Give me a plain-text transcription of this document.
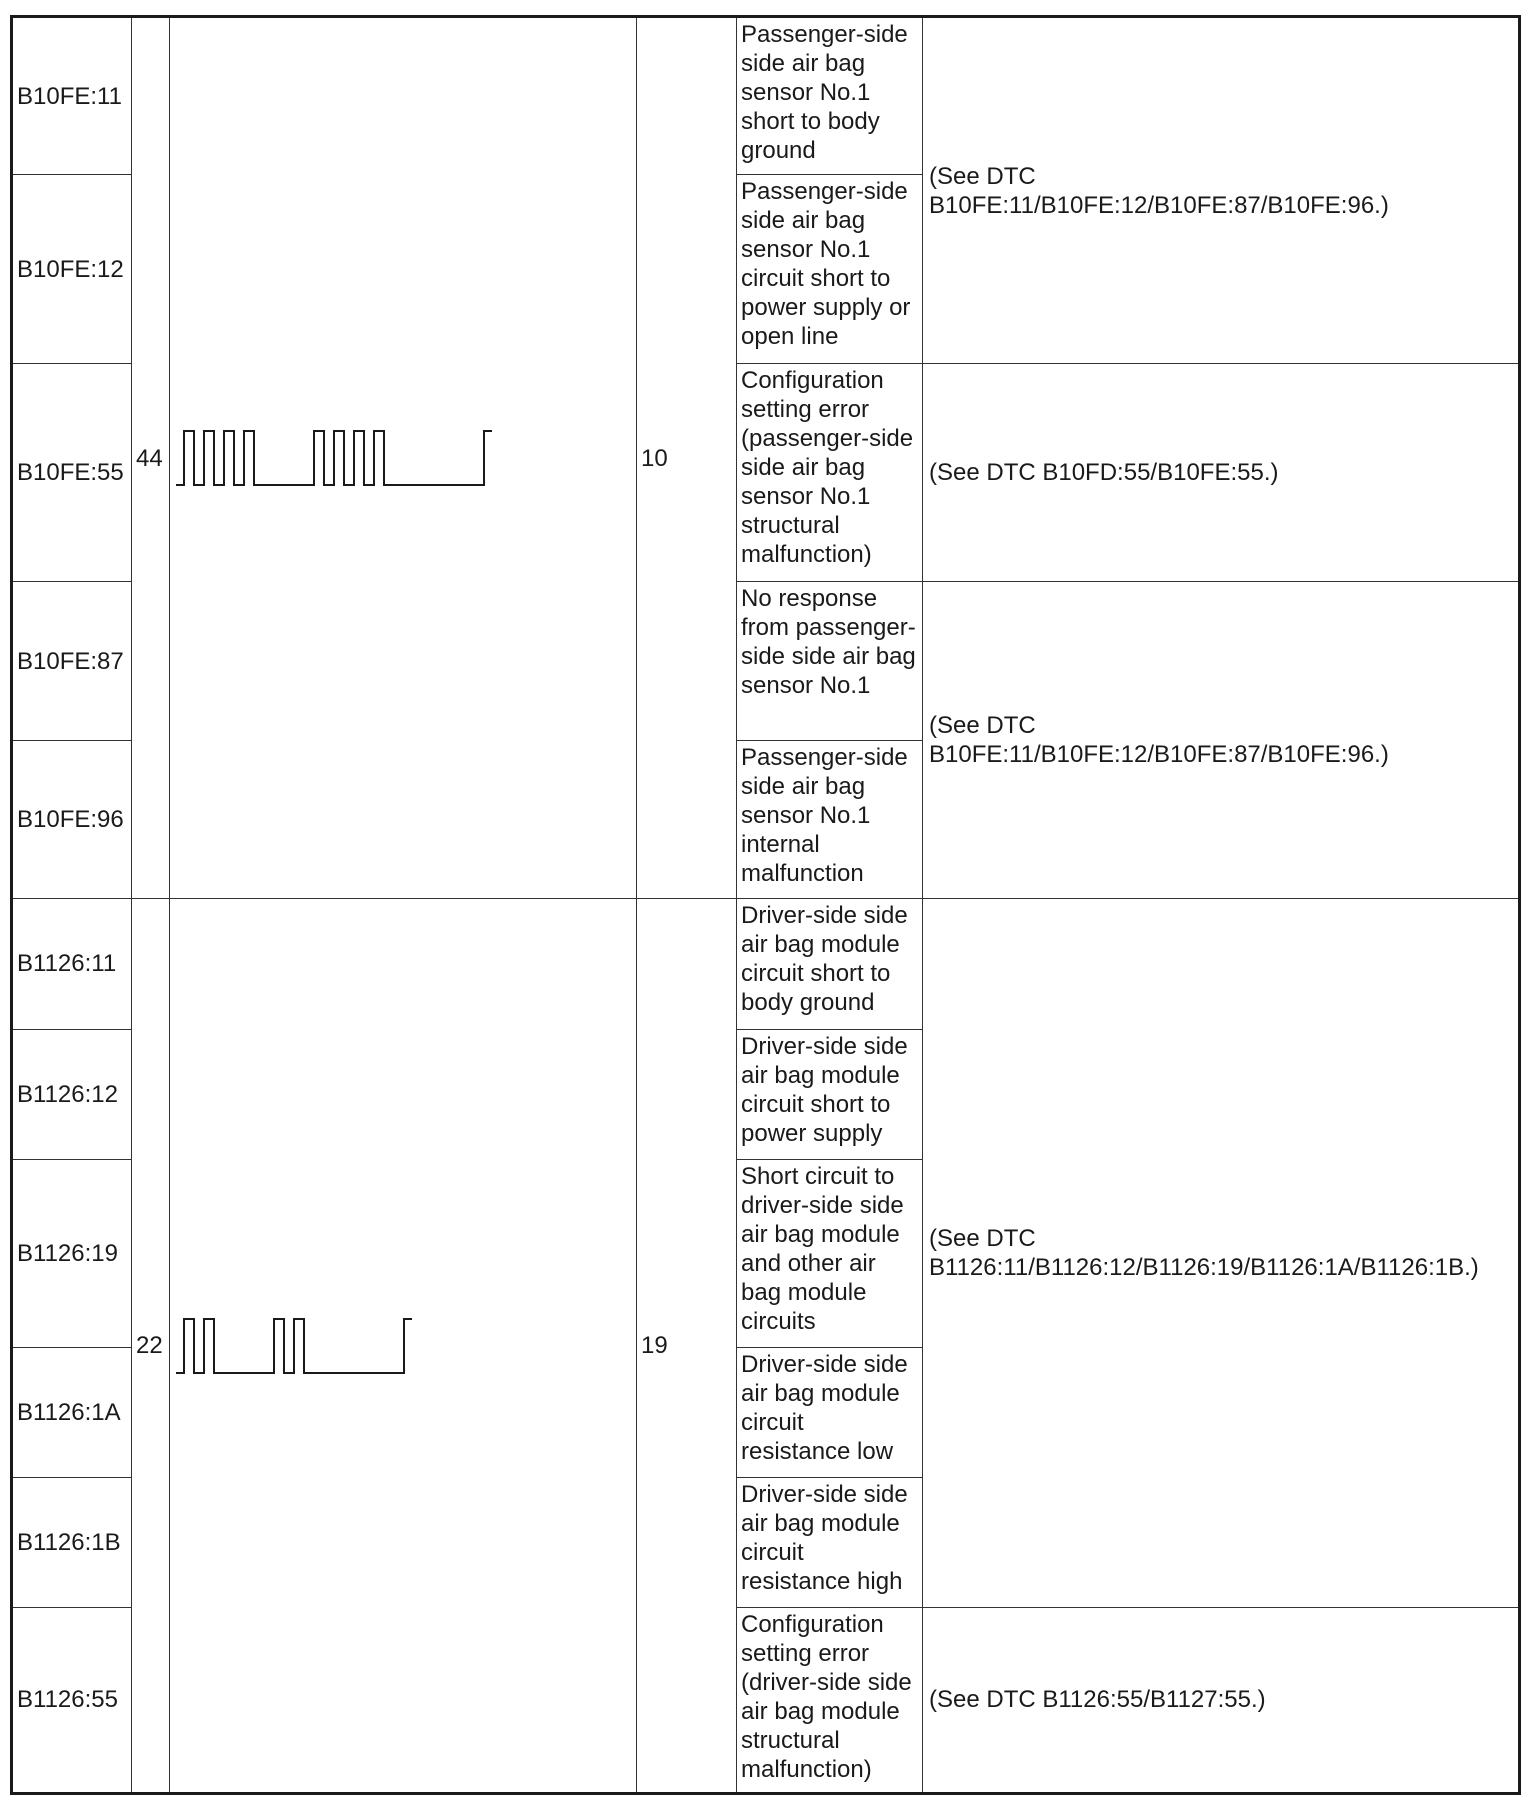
B10FE:11	44		10	Passenger-side side air bag sensor No.1 short to body ground	(See DTC
B10FE:11/B10FE:12/B10FE:87/B10FE:96.)

B10FE:12				Passenger-side side air bag sensor No.1 circuit short to power supply or open line	
B10FE:55				Configuration setting error (passenger-side side air bag sensor No.1 structural malfunction)	(See DTC B10FD:55/B10FE:55.)

B10FE:87				No response from passenger-side side air bag sensor No.1	(See DTC
B10FE:11/B10FE:12/B10FE:87/B10FE:96.)

B10FE:96				Passenger-side side air bag sensor No.1 internal malfunction	
B1126:11	22		19	Driver-side side air bag module circuit short to body ground	(See DTC
B1126:11/B1126:12/B1126:19/B1126:1A/B1126:1B.)

B1126:12				Driver-side side air bag module circuit short to power supply	
B1126:19				Short circuit to driver-side side air bag module and other air bag module circuits	
B1126:1A				Driver-side side air bag module circuit resistance low	
B1126:1B				Driver-side side air bag module circuit resistance high	
B1126:55				Configuration setting error (driver-side side air bag module structural malfunction)	(See DTC B1126:55/B1127:55.)
